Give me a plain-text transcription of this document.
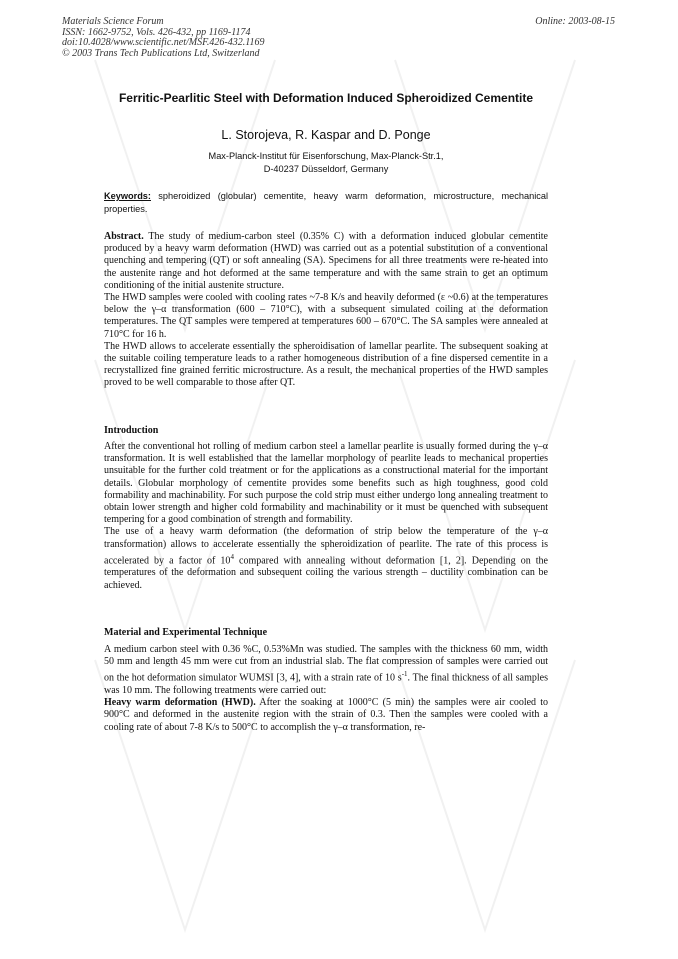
Materials Science Forum
ISSN: 1662-9752, Vols. 426-432, pp 1169-1174
doi:10.4028/www.scientific.net/MSF.426-432.1169
© 2003 Trans Tech Publications Ltd, Switzerland
Online: 2003-08-15
Ferritic-Pearlitic Steel with Deformation Induced Spheroidized Cementite
L. Storojeva, R. Kaspar and D. Ponge
Max-Planck-Institut für Eisenforschung, Max-Planck-Str.1,
D-40237 Düsseldorf, Germany
Keywords: spheroidized (globular) cementite, heavy warm deformation, microstructure, mechanical properties.

Abstract. The study of medium-carbon steel (0.35% C) with a deformation induced globular cementite produced by a heavy warm deformation (HWD) was carried out as a potential substitution of a conventional quenching and tempering (QT) or soft annealing (SA). Specimens for all three treatments were re-heated into the austenite range and hot deformed at the same temperature and with the same strain to get an optimum conditioning of the initial austenite structure.

The HWD samples were cooled with cooling rates ~7-8 K/s and heavily deformed (ε ~0.6) at the temperatures below the γ–α transformation (600 – 710°C), with a subsequent simulated coiling at the deformation temperatures. The QT samples were tempered at temperatures 600 – 670°C. The SA samples were annealed at 710°C for 16 h.

The HWD allows to accelerate essentially the spheroidisation of lamellar pearlite. The subsequent soaking at the suitable coiling temperature leads to a rather homogeneous distribution of a fine dispersed cementite in a recrystallized fine grained ferritic microstructure. As a result, the mechanical properties of the HWD samples proved to be well comparable to those after QT.

Introduction

After the conventional hot rolling of medium carbon steel a lamellar pearlite is usually formed during the γ–α transformation. It is well established that the lamellar morphology of pearlite leads to mechanical properties unsuitable for the further cold treatment or for the applications as a constructional material for the important details. Globular morphology of cementite provides some benefits such as high toughness, good cold formability and machinability. For such purpose the cold strip must either undergo long annealing treatment to obtain lower strength and higher cold formability and machinability or it must be quenched with subsequent tempering for a good combination of strength and formability.

The use of a heavy warm deformation (the deformation of strip below the temperature of the γ–α transformation) allows to accelerate essentially the spheroidization of pearlite. The rate of this process is accelerated by a factor of $10^4$ compared with annealing without deformation [1, 2]. Depending on the temperatures of the deformation and subsequent coiling the various strength – ductility combination can be achieved.

Material and Experimental Technique

A medium carbon steel with 0.36 %C, 0.53%Mn was studied. The samples with the thickness 60 mm, width 50 mm and length 45 mm were cut from an industrial slab. The flat compression of samples were carried out on the hot deformation simulator WUMSI [3, 4], with a strain rate of 10 $s^{-1}$. The final thickness of all samples was 10 mm. The following treatments were carried out:

Heavy warm deformation (HWD). After the soaking at 1000°C (5 min) the samples were air cooled to 900°C and deformed in the austenite region with the strain of 0.3. Then the samples were cooled with a cooling rate of about 7-8 K/s to 500°C to accomplish the γ–α transformation, re-
